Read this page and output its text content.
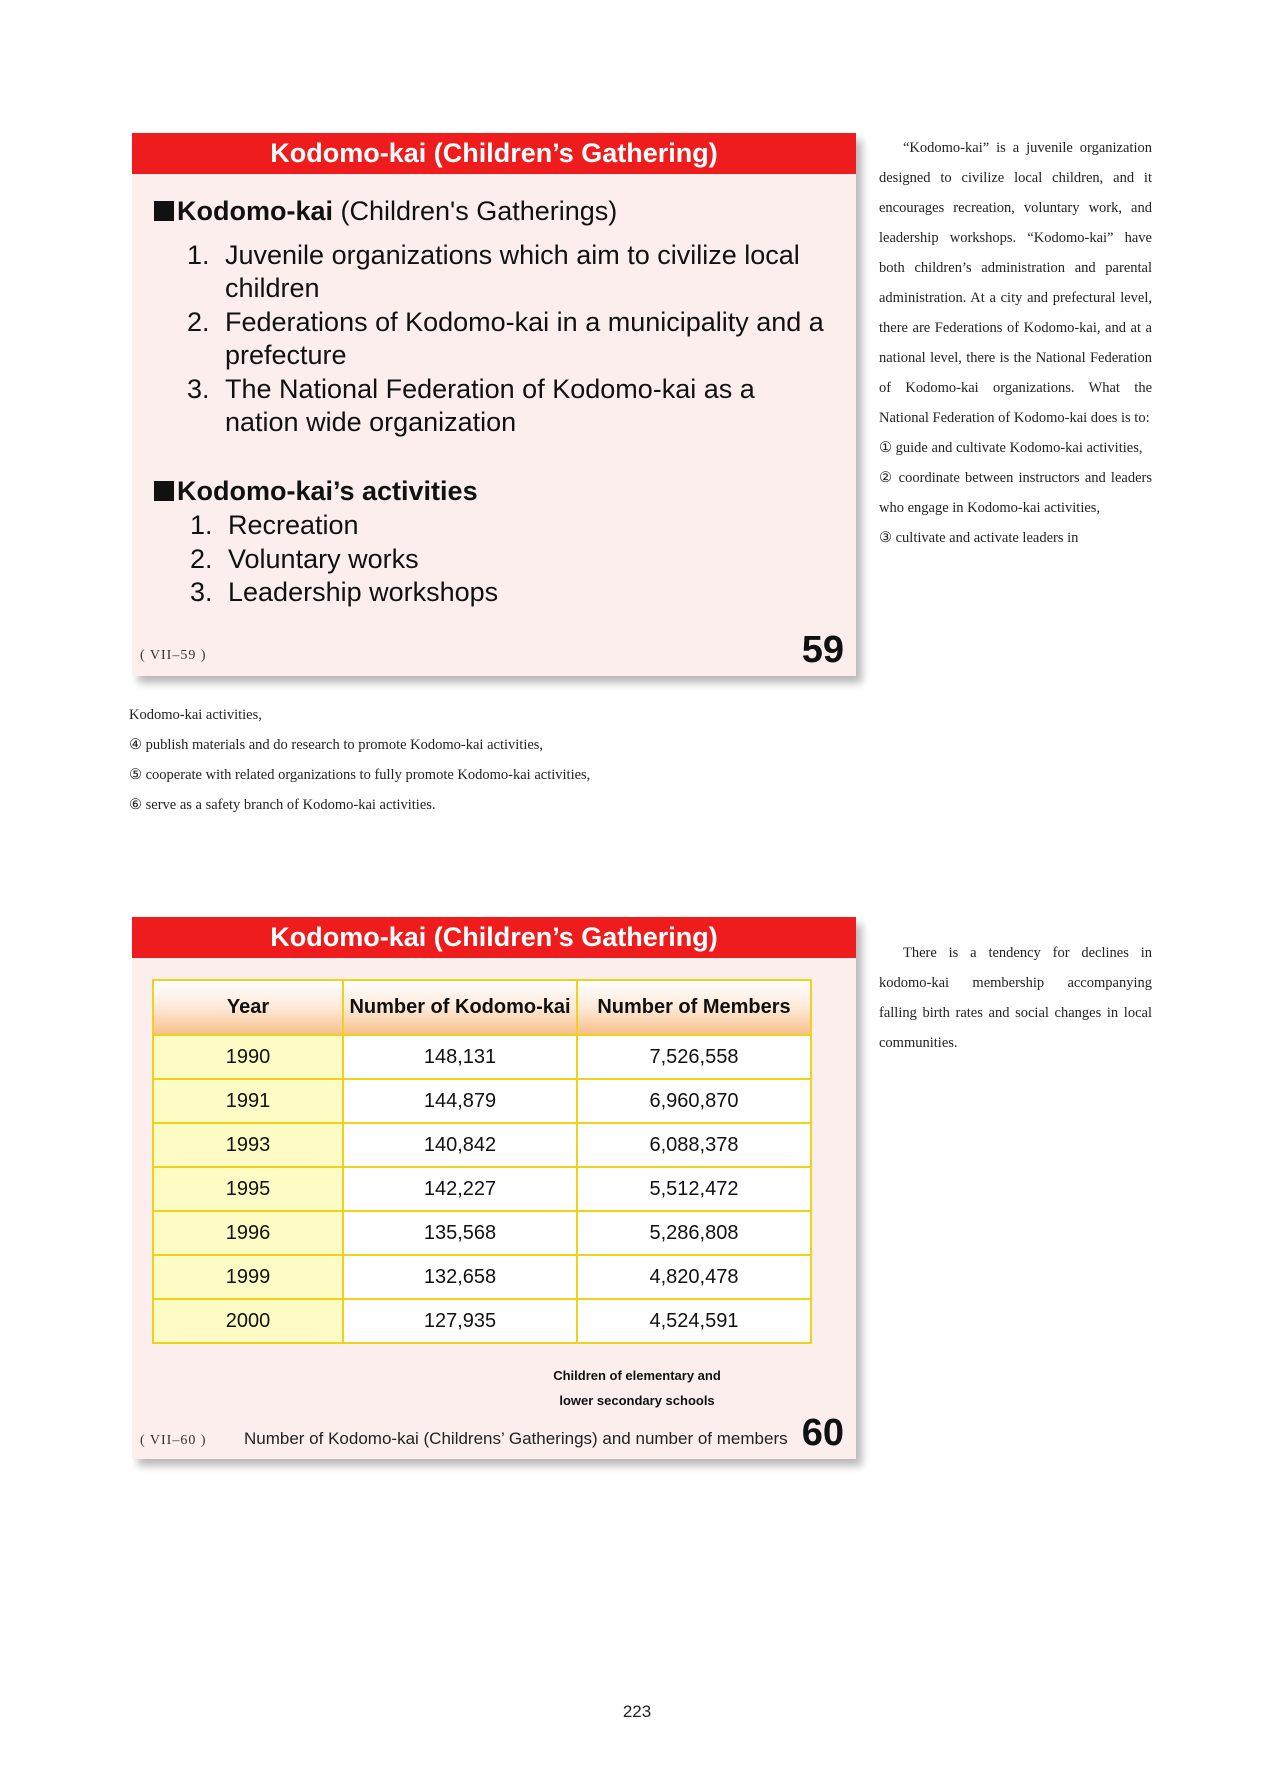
Kodomo-kai (Children’s Gathering)
Kodomo-kai (Children's Gatherings)
1. Juvenile organizations which aim to civilize local children
2. Federations of Kodomo-kai in a municipality and a prefecture
3. The National Federation of Kodomo-kai as a nation wide organization
Kodomo-kai’s activities
1. Recreation
2. Voluntary works
3. Leadership workshops
( VII–59 )	59

“Kodomo-kai” is a juvenile organization designed to civilize local children, and it encourages recreation, voluntary work, and leadership workshops. “Kodomo-kai” have both children’s administration and parental administration. At a city and prefectural level, there are Federations of Kodomo-kai, and at a national level, there is the National Federation of Kodomo-kai organizations. What the National Federation of Kodomo-kai does is to:

① guide and cultivate Kodomo-kai activities,

② coordinate between instructors and leaders who engage in Kodomo-kai activities,

③ cultivate and activate leaders in

Kodomo-kai activities,

④ publish materials and do research to promote Kodomo-kai activities,

⑤ cooperate with related organizations to fully promote Kodomo-kai activities,

⑥ serve as a safety branch of Kodomo-kai activities.

Kodomo-kai (Children’s Gathering)
Year	Number of Kodomo-kai	Number of Members
1990	148,131	7,526,558
1991	144,879	6,960,870
1993	140,842	6,088,378
1995	142,227	5,512,472
1996	135,568	5,286,808
1999	132,658	4,820,478
2000	127,935	4,524,591
Children of elementary and
lower secondary schools
( VII–60 ) Number of Kodomo-kai (Childrens’ Gatherings) and number of members 60

There is a tendency for declines in kodomo-kai membership accompanying falling birth rates and social changes in local communities.

223
